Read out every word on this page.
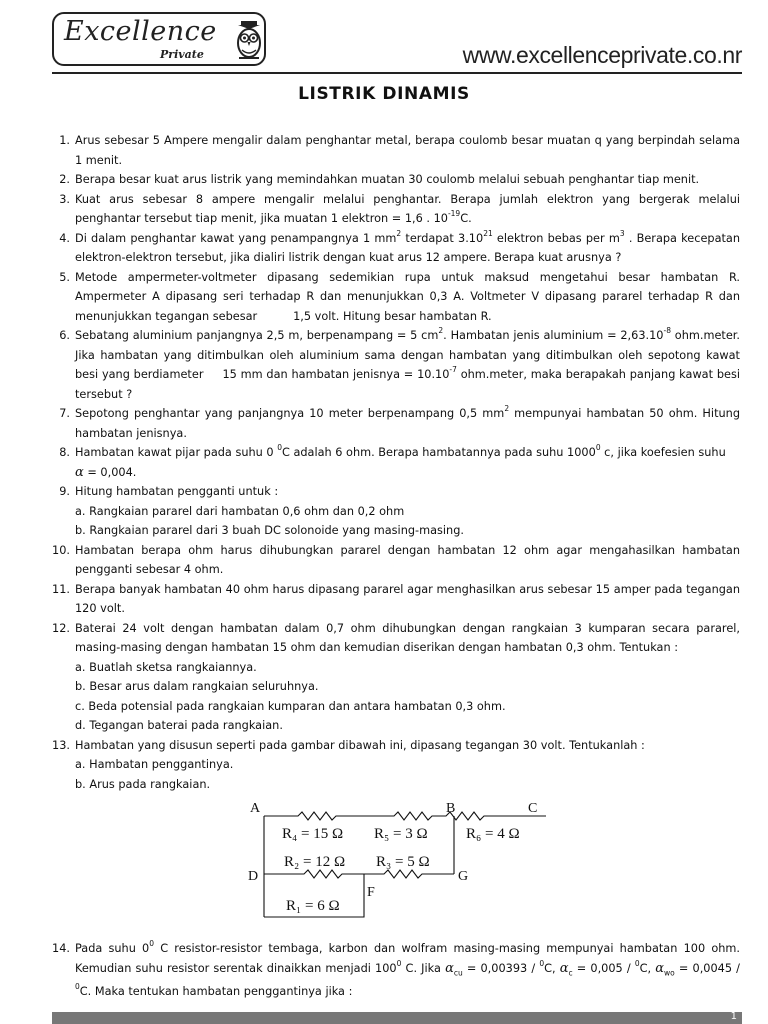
Excellence
Private	www.excellenceprivate.co.nr
LISTRIK DINAMIS
1. Arus sebesar 5 Ampere mengalir dalam penghantar metal, berapa coulomb besar muatan q yang berpindah selama 1 menit.
2. Berapa besar kuat arus listrik yang memindahkan muatan 30 coulomb melalui sebuah penghantar tiap menit.
3. Kuat arus sebesar 8 ampere mengalir melalui penghantar. Berapa jumlah elektron yang bergerak melalui penghantar tersebut tiap menit, jika muatan 1 elektron = 1,6 . $10^{-19}C$.
4. Di dalam penghantar kawat yang penampangnya 1 $mm^2$ terdapat 3.10$^{21}$ elektron bebas per $m^3$ . Berapa kecepatan elektron-elektron tersebut, jika dialiri listrik dengan kuat arus 12 ampere. Berapa kuat arusnya ?
5. Metode ampermeter-voltmeter dipasang sedemikian rupa untuk maksud mengetahui besar hambatan R. Ampermeter A dipasang seri terhadap R dan menunjukkan 0,3 A. Voltmeter V dipasang pararel terhadap R dan menunjukkan tegangan sebesar          1,5 volt. Hitung besar hambatan R.
6. Sebatang aluminium panjangnya 2,5 m, berpenampang = 5 $cm^2$. Hambatan jenis aluminium = $2,63.10^{-8}$ ohm.meter. Jika hambatan yang ditimbulkan oleh aluminium sama dengan hambatan yang ditimbulkan oleh sepotong kawat besi yang berdiameter     15 mm dan hambatan jenisnya = $10.10^{-7}$ ohm.meter, maka berapakah panjang kawat besi tersebut ?
7. Sepotong penghantar yang panjangnya 10 meter berpenampang 0,5 $mm^2$ mempunyai hambatan 50 ohm. Hitung hambatan jenisnya.
8. Hambatan kawat pijar pada suhu 0 $^0$C adalah 6 ohm. Berapa hambatannya pada suhu 1000$^0$ c, jika koefesien suhu
α = 0,004.
9. Hitung hambatan pengganti untuk :
a. Rangkaian pararel dari hambatan 0,6 ohm dan 0,2 ohm
b. Rangkaian pararel dari 3 buah DC solonoide yang masing-masing.
10. Hambatan berapa ohm harus dihubungkan pararel dengan hambatan 12 ohm agar mengahasilkan hambatan pengganti sebesar 4 ohm.
11. Berapa banyak hambatan 40 ohm harus dipasang pararel agar menghasilkan arus sebesar 15 amper pada tegangan 120 volt.
12. Baterai 24 volt dengan hambatan dalam 0,7 ohm dihubungkan dengan rangkaian 3 kumparan secara pararel, masing-masing dengan hambatan 15 ohm dan kemudian diserikan dengan hambatan 0,3 ohm. Tentukan :
a. Buatlah sketsa rangkaiannya.
b. Besar arus dalam rangkaian seluruhnya.
c. Beda potensial pada rangkaian kumparan dan antara hambatan 0,3 ohm.
d. Tegangan baterai pada rangkaian.
13. Hambatan yang disusun seperti pada gambar dibawah ini, dipasang tegangan 30 volt. Tentukanlah :
a. Hambatan penggantinya.
b. Arus pada rangkaian.
A	B	C
D
F
G
R₄ = 15 Ω R₅ = 3 Ω	R₆ = 4 Ω
R₂ = 12 Ω R₃ = 5 Ω
R₁ = 6 Ω
14. Pada suhu $0^0$ C resistor-resistor tembaga, karbon dan wolfram masing-masing mempunyai hambatan 100 ohm. Kemudian suhu resistor serentak dinaikkan menjadi $100^0$ C. Jika $\alpha_{cu} = 0,00393 / ^0C$, $\alpha_c = 0,005 / ^0C$, $\alpha_{wo} = 0,0045 / ^0C$. Maka tentukan hambatan penggantinya jika :
1
